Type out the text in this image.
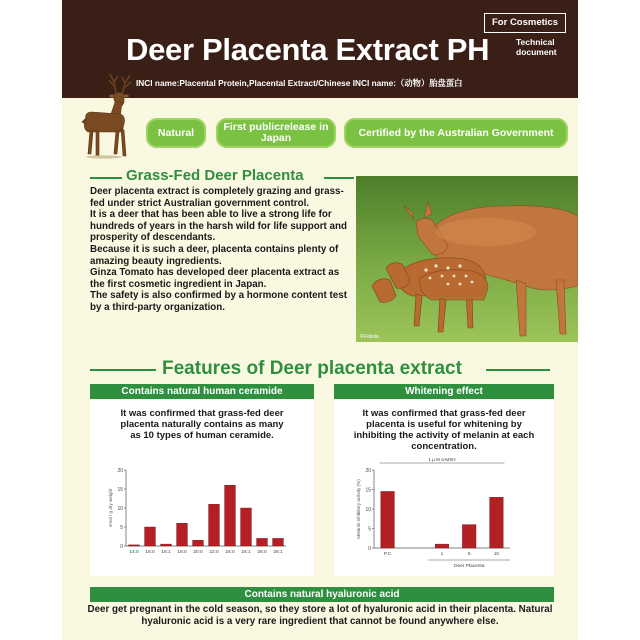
For Cosmetics
Technical document
Deer Placenta Extract PH
INCI name:Placental Protein,Placental Extract/Chinese INCI name:（动物）胎盘蛋白
Natural	First publicrelease in Japan	Certified by the Australian Government
Grass-Fed Deer Placenta

Deer placenta extract is completely grazing and grass-fed under strict Australian government control.

It is a deer that has been able to live a strong life for hundreds of years in the harsh wild for life support and prosperity of descendants.

Because it is such a deer, placenta contains plenty of amazing beauty ingredients.

Ginza Tomato has developed deer placenta extract as the first cosmetic ingredient in Japan.

The safety is also confirmed by a hormone content test by a third-party organization.

©Fotolia
Features of Deer placenta extract
Contains natural human ceramide
It was confirmed that grass-fed deer placenta naturally contains as many as 10 types of human ceramide.
0
5
10
15
20
nmol / g dry weight
14:0 16:0 16:1 18:0 20:0 22:0 24:0 24:1 26:0 26:1
Whitening effect
It was confirmed that grass-fed deer placenta is useful for whitening by inhibiting the activity of melanin at each concentration.
0
5
10
15
20
Melanin inhibitory activity (%)
P.C	1	5	10
1 μ M α-MSH
Deer Placenta
Contains natural hyaluronic acid
Deer get pregnant in the cold season, so they store a lot of hyaluronic acid in their placenta. Natural hyaluronic acid is a very rare ingredient that cannot be found anywhere else.
